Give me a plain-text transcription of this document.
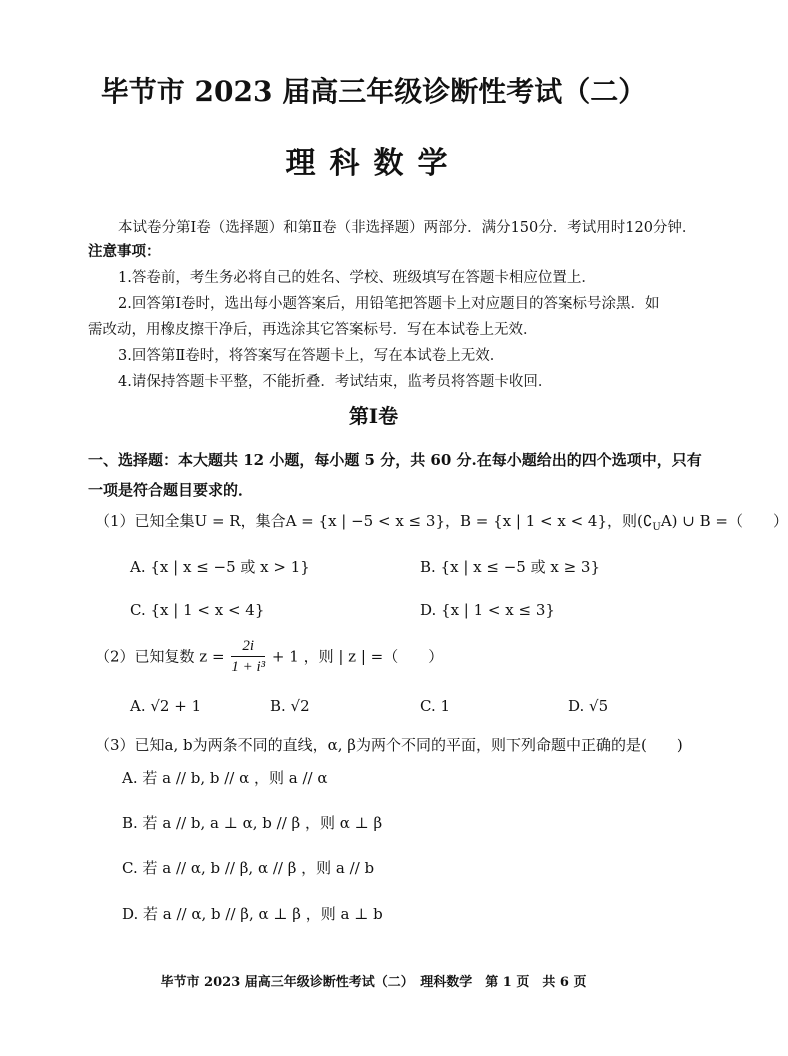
毕节市 2023 届高三年级诊断性考试（二）
理科数学
本试卷分第Ⅰ卷（选择题）和第Ⅱ卷（非选择题）两部分．满分150分．考试用时120分钟．
注意事项：
1.答卷前，考生务必将自己的姓名、学校、班级填写在答题卡相应位置上．
2.回答第Ⅰ卷时，选出每小题答案后，用铅笔把答题卡上对应题目的答案标号涂黑．如
需改动，用橡皮擦干净后，再选涂其它答案标号．写在本试卷上无效．
3.回答第Ⅱ卷时，将答案写在答题卡上，写在本试卷上无效．
4.请保持答题卡平整，不能折叠．考试结束，监考员将答题卡收回．
第Ⅰ卷
一、选择题：本大题共 12 小题，每小题 5 分，共 60 分.在每小题给出的四个选项中，只有
一项是符合题目要求的．
（1）已知全集U = R，集合A = {x | −5 < x ≤ 3}，B = {x | 1 < x < 4}，则$(∁_UA)$ ∪ B =（　　）
A. {x | x ≤ −5 或 x > 1}	B. {x | x ≤ −5 或 x ≥ 3}
C. {x | 1 < x < 4}	D. {x | 1 < x ≤ 3}
（2）已知复数 $z = \frac{2i}{\text{1 + i³}} + 1$ ，则 | z | =（　　）
A. √2 + 1	B. √2	C. 1	D. √5
（3）已知a, b为两条不同的直线，α, β为两个不同的平面，则下列命题中正确的是(　　)
A. 若 a // b, b // α ，则 a // α
B. 若 a // b, a ⊥ α, b // β ，则 α ⊥ β
C. 若 a // α, b // β, α // β ，则 a // b
D. 若 a // α, b // β, α ⊥ β ，则 a ⊥ b
毕节市 2023 届高三年级诊断性考试（二）　理科数学　第 1 页　共 6 页
